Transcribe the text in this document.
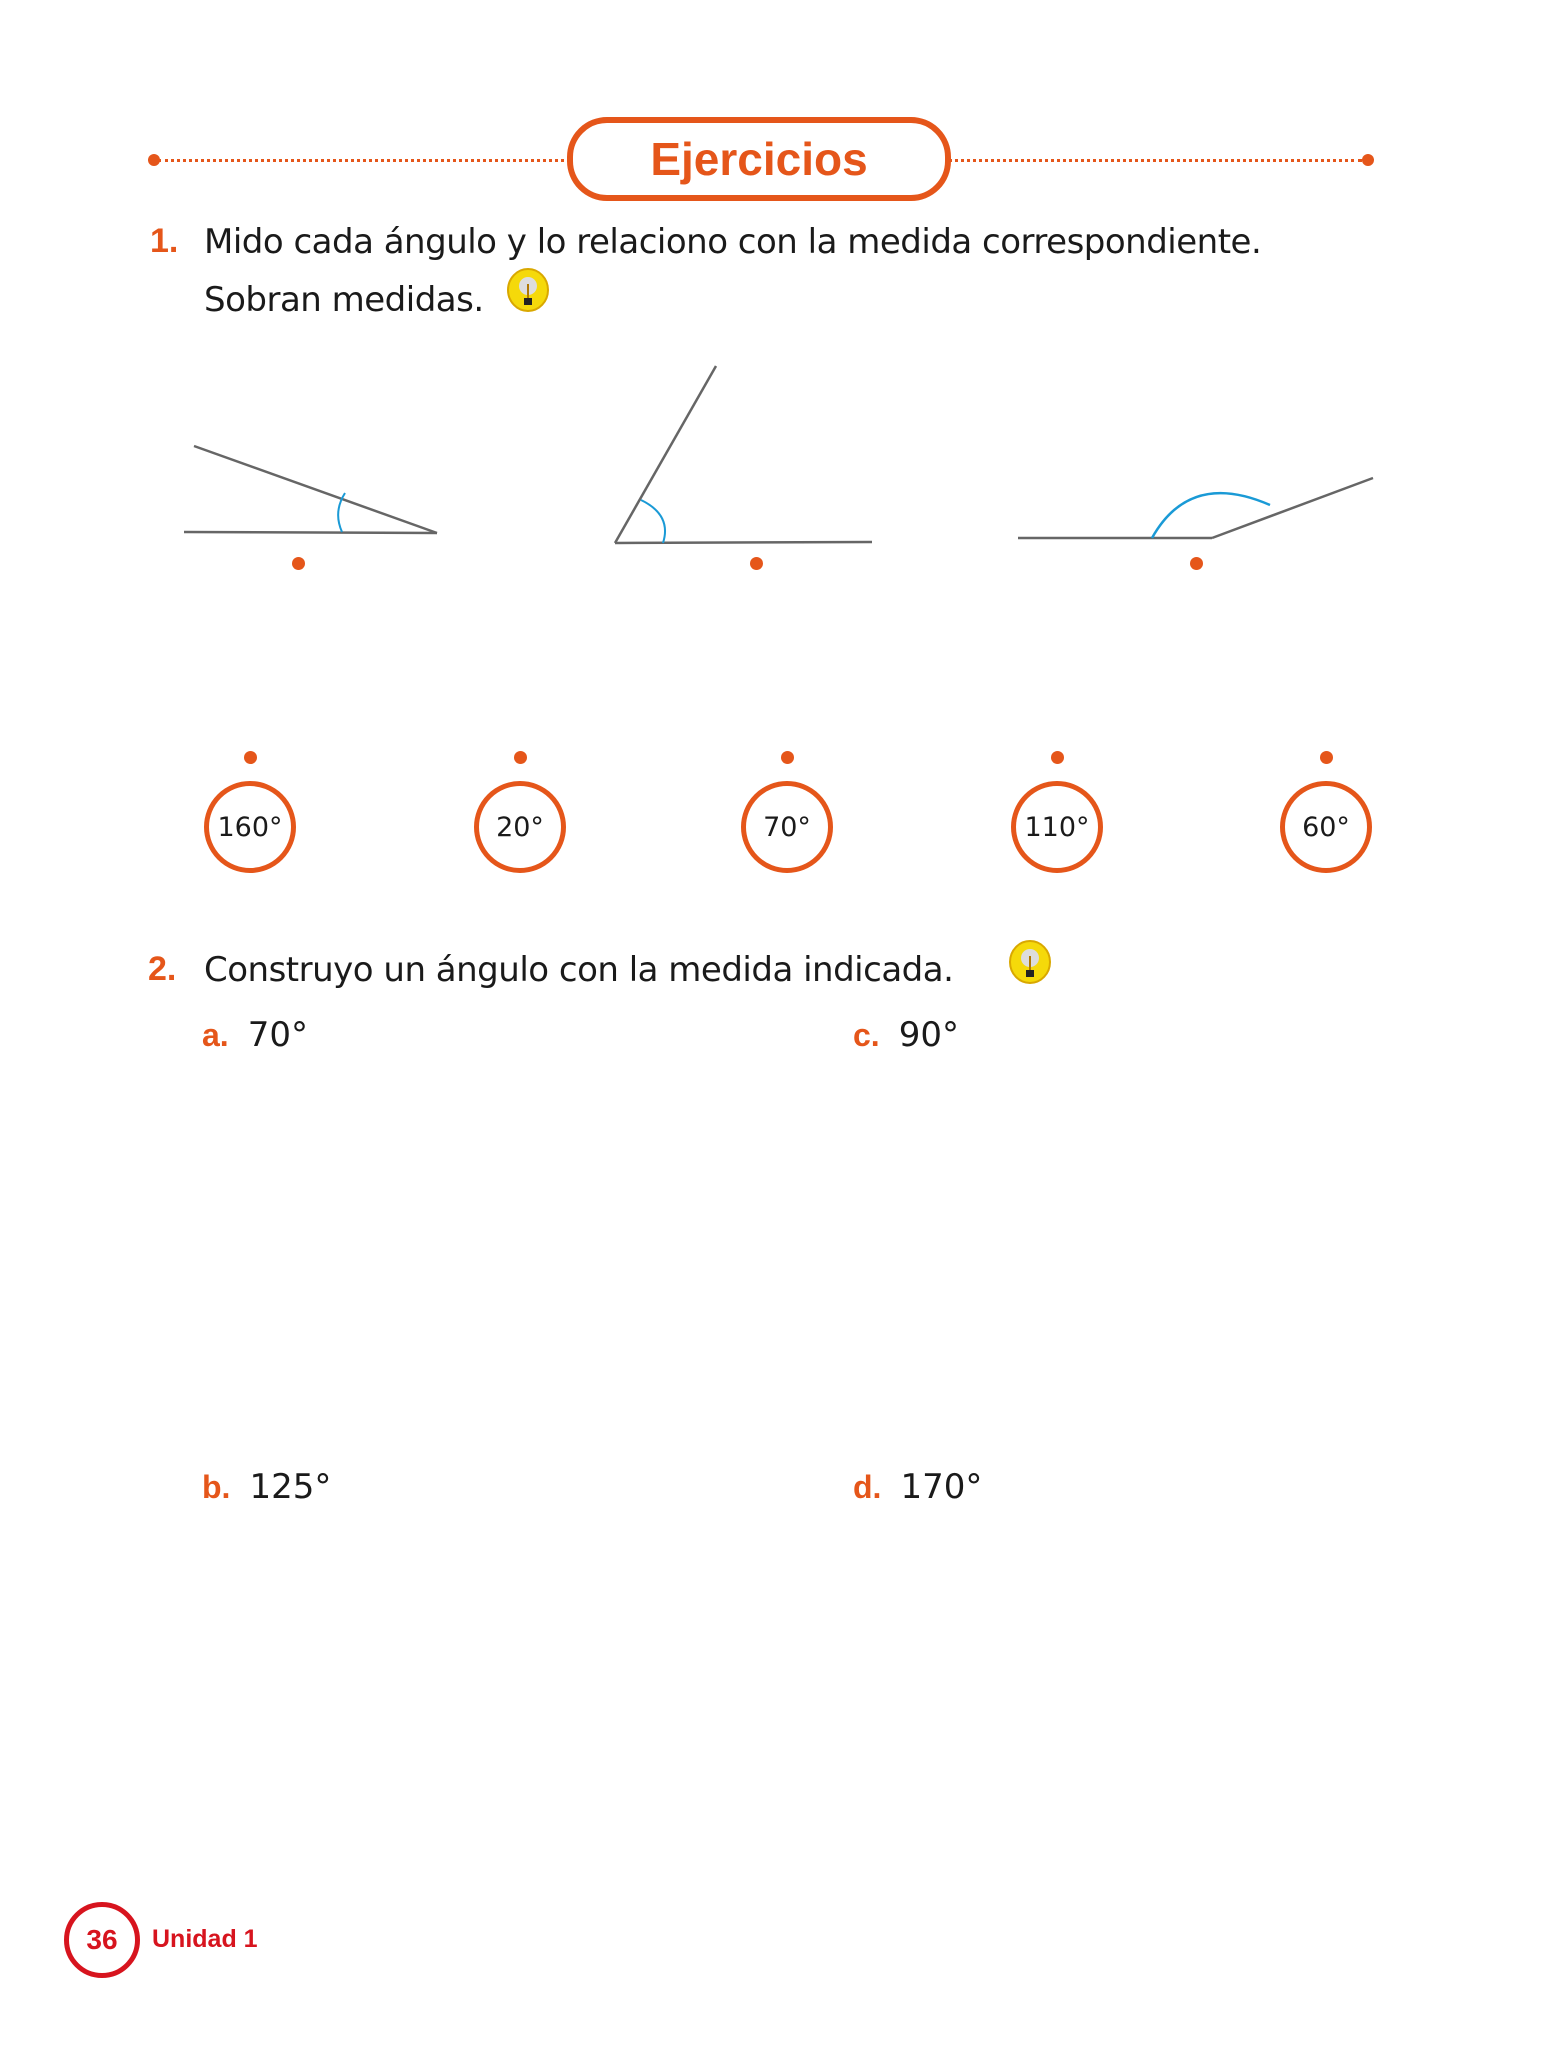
Ejercicios
1. Mido cada ángulo y lo relaciono con la medida correspondiente.
Sobran medidas.
160°	20°	70°	110°	60°
2. Construyo un ángulo con la medida indicada.
a. 70°	c. 90°
b. 125°	d. 170°
36	Unidad 1
